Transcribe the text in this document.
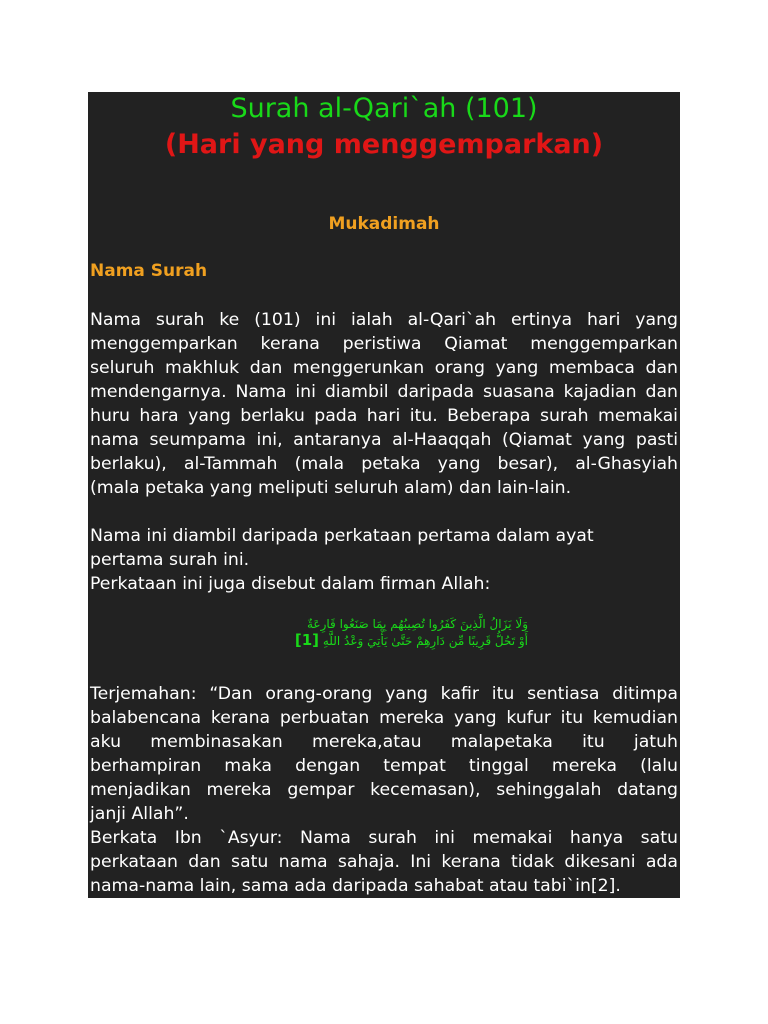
Surah al-Qari`ah (101)
(Hari yang menggemparkan)
Mukadimah
Nama Surah
Nama surah ke (101) ini ialah al-Qari`ah ertinya hari yang
menggemparkan kerana peristiwa Qiamat menggemparkan
seluruh makhluk dan menggerunkan orang yang membaca dan
mendengarnya. Nama ini diambil daripada suasana kajadian dan
huru hara yang berlaku pada hari itu. Beberapa surah memakai
nama seumpama ini, antaranya al-Haaqqah (Qiamat yang pasti
berlaku), al-Tammah (mala petaka yang besar), al-Ghasyiah
(mala petaka yang meliputi seluruh alam) dan lain-lain.
Nama ini diambil daripada perkataan pertama dalam ayat
pertama surah ini.
Perkataan ini juga disebut dalam firman Allah:
وَلَا يَزَالُ الَّذِينَ كَفَرُوا تُصِيبُهُم بِمَا صَنَعُوا قَارِعَةٌ
أَوْ تَحُلُّ قَرِيبًا مِّن دَارِهِمْ حَتَّىٰ يَأْتِيَ وَعْدُ اللَّهِ [1]
Terjemahan: “Dan orang-orang yang kafir itu sentiasa ditimpa
balabencana kerana perbuatan mereka yang kufur itu kemudian
aku membinasakan mereka,atau malapetaka itu jatuh
berhampiran maka dengan tempat tinggal mereka (lalu
menjadikan mereka gempar kecemasan), sehinggalah datang
janji Allah”.
Berkata Ibn `Asyur: Nama surah ini memakai hanya satu
perkataan dan satu nama sahaja. Ini kerana tidak dikesani ada
nama-nama lain, sama ada daripada sahabat atau tabi`in[2].
